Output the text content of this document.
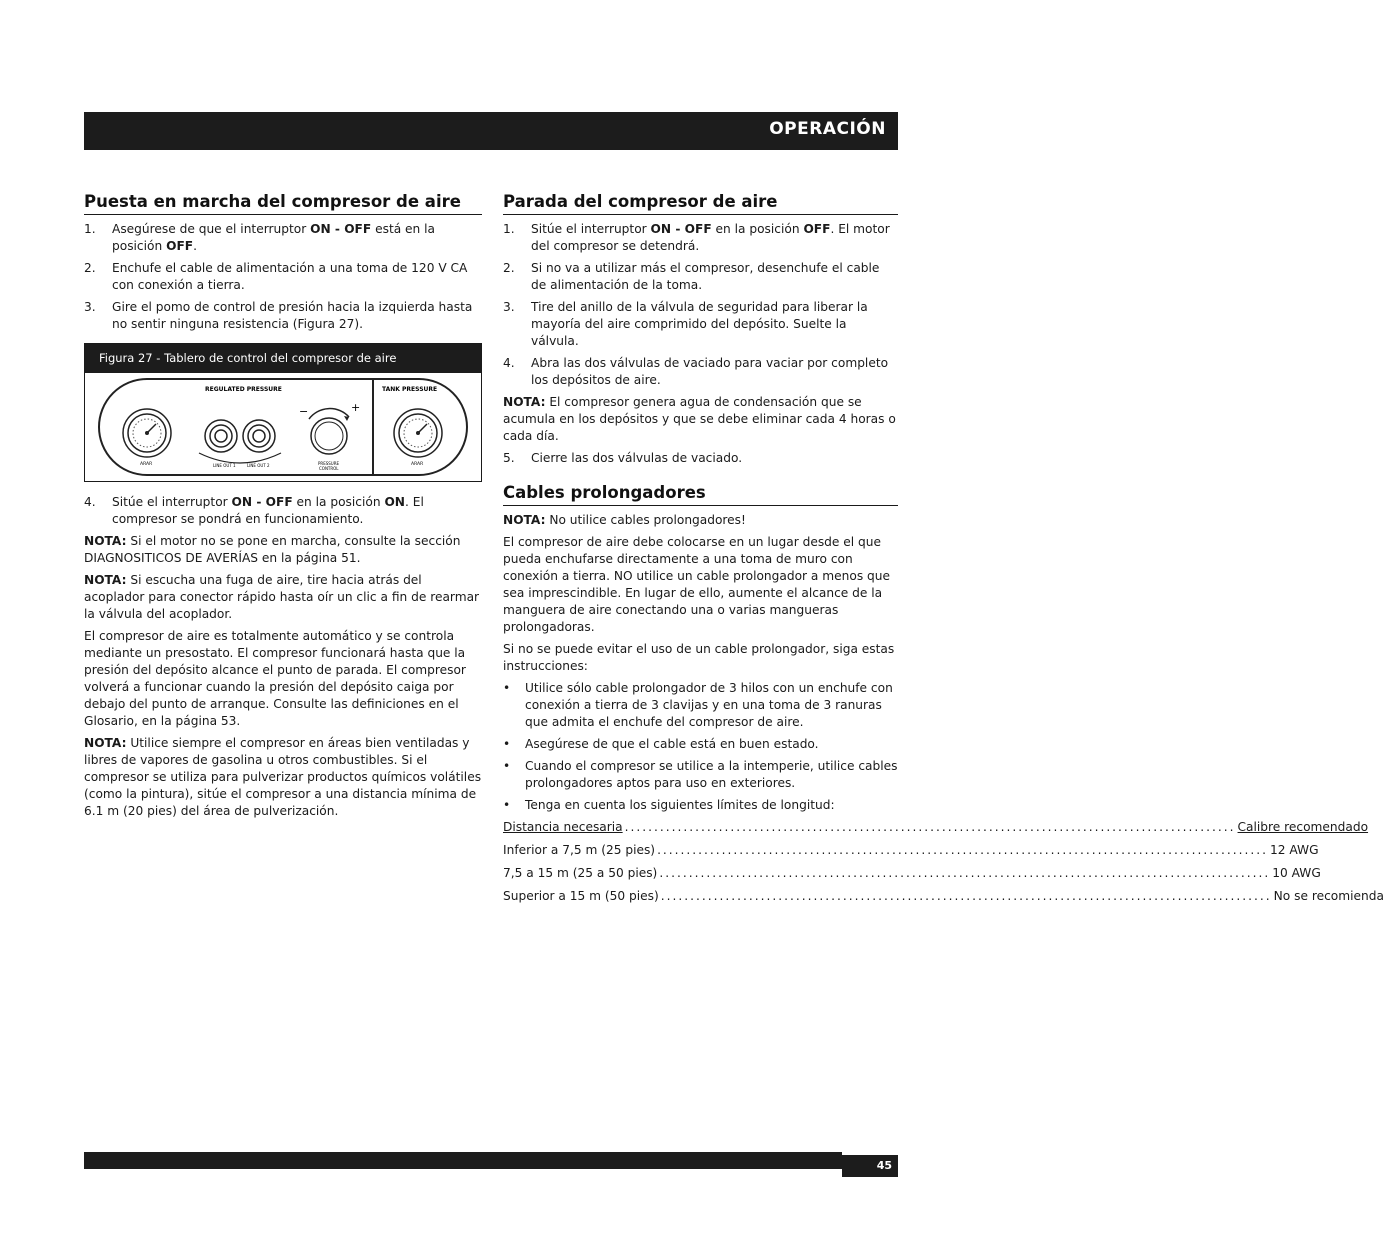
OPERACIÓN
Puesta en marcha del compresor de aire
1.	Asegúrese de que el interruptor ON - OFF está en la posición OFF.
2.	Enchufe el cable de alimentación a una toma de 120 V CA con conexión a tierra.
3.	Gire el pomo de control de presión hacia la izquierda hasta no sentir ninguna resistencia (Figura 27).
Figura 27 - Tablero de control del compresor de aire
REGULATED PRESSURE	TANK PRESSURE
ARAR	LINE OUT 1	LINE OUT 2
−	+
PRESSURE
CONTROL
ARAR
4.	Sitúe el interruptor ON - OFF en la posición ON. El compresor se pondrá en funcionamiento.

NOTA: Si el motor no se pone en marcha, consulte la sección DIAGNOSITICOS DE AVERÍAS en la página 51.

NOTA: Si escucha una fuga de aire, tire hacia atrás del acoplador para conector rápido hasta oír un clic a fin de rearmar la válvula del acoplador.

El compresor de aire es totalmente automático y se controla mediante un presostato. El compresor funcionará hasta que la presión del depósito alcance el punto de parada. El compresor volverá a funcionar cuando la presión del depósito caiga por debajo del punto de arranque. Consulte las definiciones en el Glosario, en la página 53.

NOTA: Utilice siempre el compresor en áreas bien ventiladas y libres de vapores de gasolina u otros combustibles. Si el compresor se utiliza para pulverizar productos químicos volátiles (como la pintura), sitúe el compresor a una distancia mínima de 6.1 m (20 pies) del área de pulverización.

Parada del compresor de aire
1.	Sitúe el interruptor ON - OFF en la posición OFF. El motor del compresor se detendrá.
2.	Si no va a utilizar más el compresor, desenchufe el cable de alimentación de la toma.
3.	Tire del anillo de la válvula de seguridad para liberar la mayoría del aire comprimido del depósito. Suelte la válvula.
4.	Abra las dos válvulas de vaciado para vaciar por completo los depósitos de aire.

NOTA: El compresor genera agua de condensación que se acumula en los depósitos y que se debe eliminar cada 4 horas o cada día.

5.	Cierre las dos válvulas de vaciado.
Cables prolongadores

NOTA: No utilice cables prolongadores!

El compresor de aire debe colocarse en un lugar desde el que pueda enchufarse directamente a una toma de muro con conexión a tierra. NO utilice un cable prolongador a menos que sea imprescindible. En lugar de ello, aumente el alcance de la manguera de aire conectando una o varias mangueras prolongadoras.

Si no se puede evitar el uso de un cable prolongador, siga estas instrucciones:

•	Utilice sólo cable prolongador de 3 hilos con un enchufe con conexión a tierra de 3 clavijas y en una toma de 3 ranuras que admita el enchufe del compresor de aire.
•	Asegúrese de que el cable está en buen estado.
•	Cuando el compresor se utilice a la intemperie, utilice cables prolongadores aptos para uso en exteriores.
•	Tenga en cuenta los siguientes límites de longitud:
Distancia necesaria ........................................................................................................ Calibre recomendado
Inferior a 7,5 m (25 pies) ........................................................................................................ 12 AWG
7,5 a 15 m (25 a 50 pies) ........................................................................................................ 10 AWG
Superior a 15 m (50 pies) ........................................................................................................ No se recomienda
45
